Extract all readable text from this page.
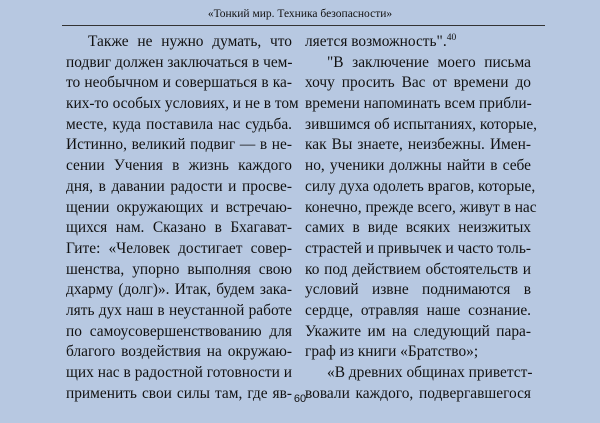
«Тонкий мир. Техника безопасности»
Также не нужно думать, что
подвиг должен заключаться в чем-
то необычном и совершаться в ка-
ких-то особых условиях, и не в том
месте, куда поставила нас судьба.
Истинно, великий подвиг — в не-
сении Учения в жизнь каждого
дня, в давании радости и просве-
щении окружающих и встречаю-
щихся нам. Сказано в Бхагават-
Гите: «Человек достигает совер-
шенства, упорно выполняя свою
дхарму (долг)». Итак, будем зака-
лять дух наш в неустанной работе
по самоусовершенствованию для
благого воздействия на окружаю-
щих нас в радостной готовности и
применить свои силы там, где яв-
ляется возможность".$^{40}$
"В заключение моего письма
хочу просить Вас от времени до
времени напоминать всем прибли-
зившимся об испытаниях, которые,
как Вы знаете, неизбежны. Имен-
но, ученики должны найти в себе
силу духа одолеть врагов, которые,
конечно, прежде всего, живут в нас
самих в виде всяких неизжитых
страстей и привычек и часто толь-
ко под действием обстоятельств и
условий извне поднимаются в
сердце, отравляя наше сознание.
Укажите им на следующий пара-
граф из книги «Братство»;
«В древних общинах приветст-
вовали каждого, подвергавшегося
60
